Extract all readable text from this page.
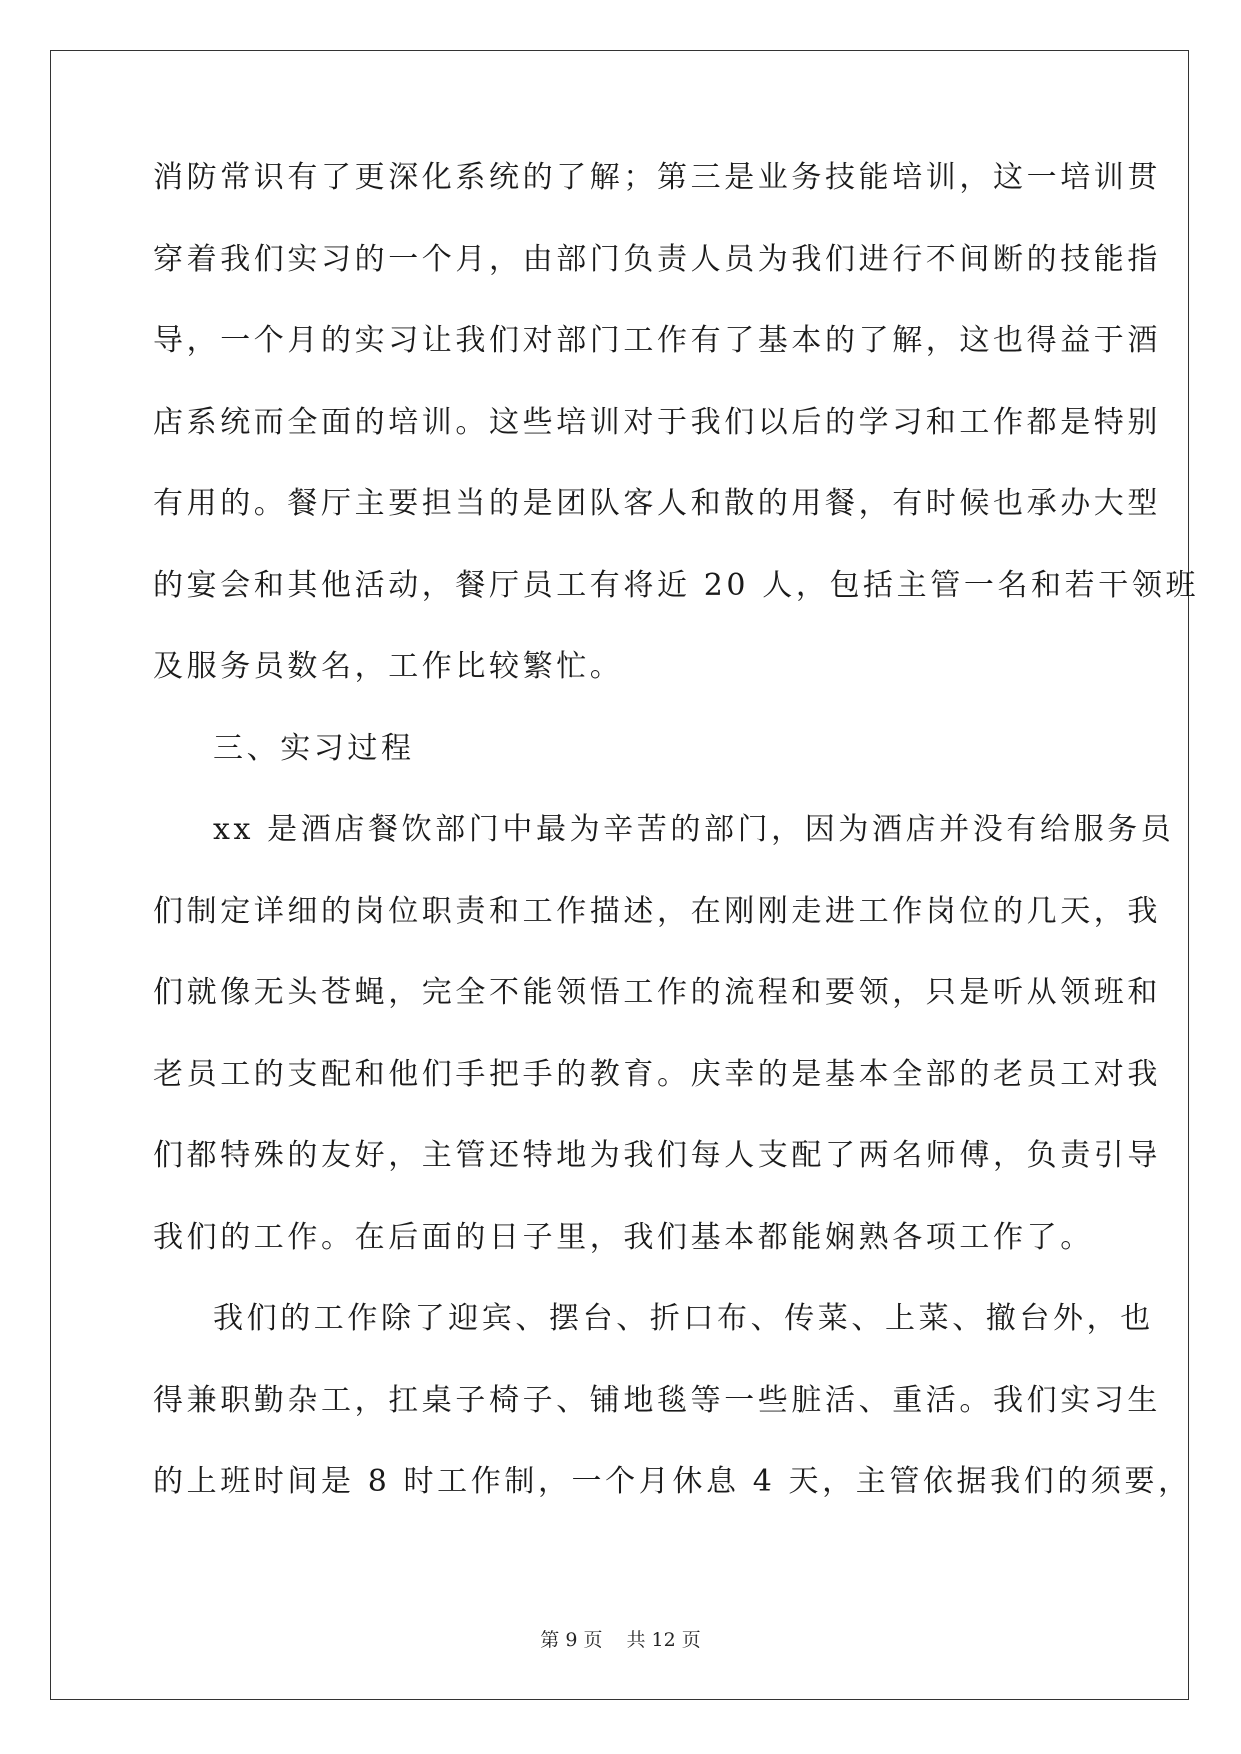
消防常识有了更深化系统的了解；第三是业务技能培训，这一培训贯
穿着我们实习的一个月，由部门负责人员为我们进行不间断的技能指
导，一个月的实习让我们对部门工作有了基本的了解，这也得益于酒
店系统而全面的培训。这些培训对于我们以后的学习和工作都是特别
有用的。餐厅主要担当的是团队客人和散的用餐，有时候也承办大型
的宴会和其他活动，餐厅员工有将近 20 人，包括主管一名和若干领班
及服务员数名，工作比较繁忙。
三、实习过程
xx 是酒店餐饮部门中最为辛苦的部门，因为酒店并没有给服务员
们制定详细的岗位职责和工作描述，在刚刚走进工作岗位的几天，我
们就像无头苍蝇，完全不能领悟工作的流程和要领，只是听从领班和
老员工的支配和他们手把手的教育。庆幸的是基本全部的老员工对我
们都特殊的友好，主管还特地为我们每人支配了两名师傅，负责引导
我们的工作。在后面的日子里，我们基本都能娴熟各项工作了。
我们的工作除了迎宾、摆台、折口布、传菜、上菜、撤台外，也
得兼职勤杂工，扛桌子椅子、铺地毯等一些脏活、重活。我们实习生
的上班时间是 8 时工作制，一个月休息 4 天，主管依据我们的须要，
第 9 页 共 12 页
